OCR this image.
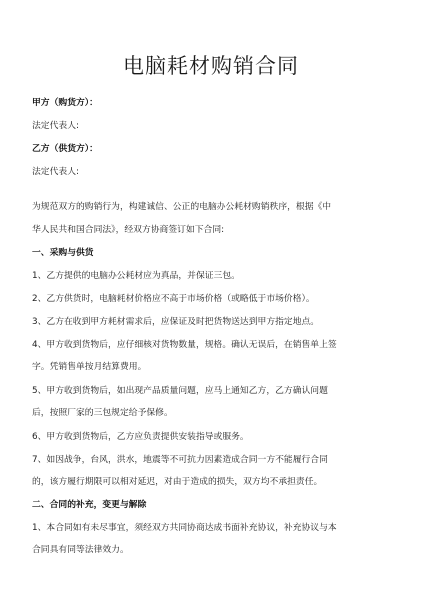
电脑耗材购销合同
甲方（购货方）：
法定代表人:
乙方（供货方）：
法定代表人:
为规范双方的购销行为，构建诚信、公正的电脑办公耗材购销秩序，根据《中
华人民共和国合同法》，经双方协商签订如下合同:
一、采购与供货
1、乙方提供的电脑办公耗材应为真品，并保证三包。
2、乙方供货时，电脑耗材价格应不高于市场价格（或略低于市场价格）。
3、乙方在收到甲方耗材需求后，应保证及时把货物送达到甲方指定地点。
4、甲方收到货物后，应仔细核对货物数量，规格。确认无误后，在销售单上签
字。凭销售单按月结算费用。
5、甲方收到货物后，如出现产品质量问题，应马上通知乙方，乙方确认问题
后，按照厂家的三包规定给予保修。
6、甲方收到货物后，乙方应负责提供安装指导或服务。
7、如因战争，台风，洪水，地震等不可抗力因素造成合同一方不能履行合同
的，该方履行期限可以相对延迟，对由于造成的损失，双方均不承担责任。
二、合同的补充，变更与解除
1、本合同如有未尽事宜，须经双方共同协商达成书面补充协议，补充协议与本
合同具有同等法律效力。
